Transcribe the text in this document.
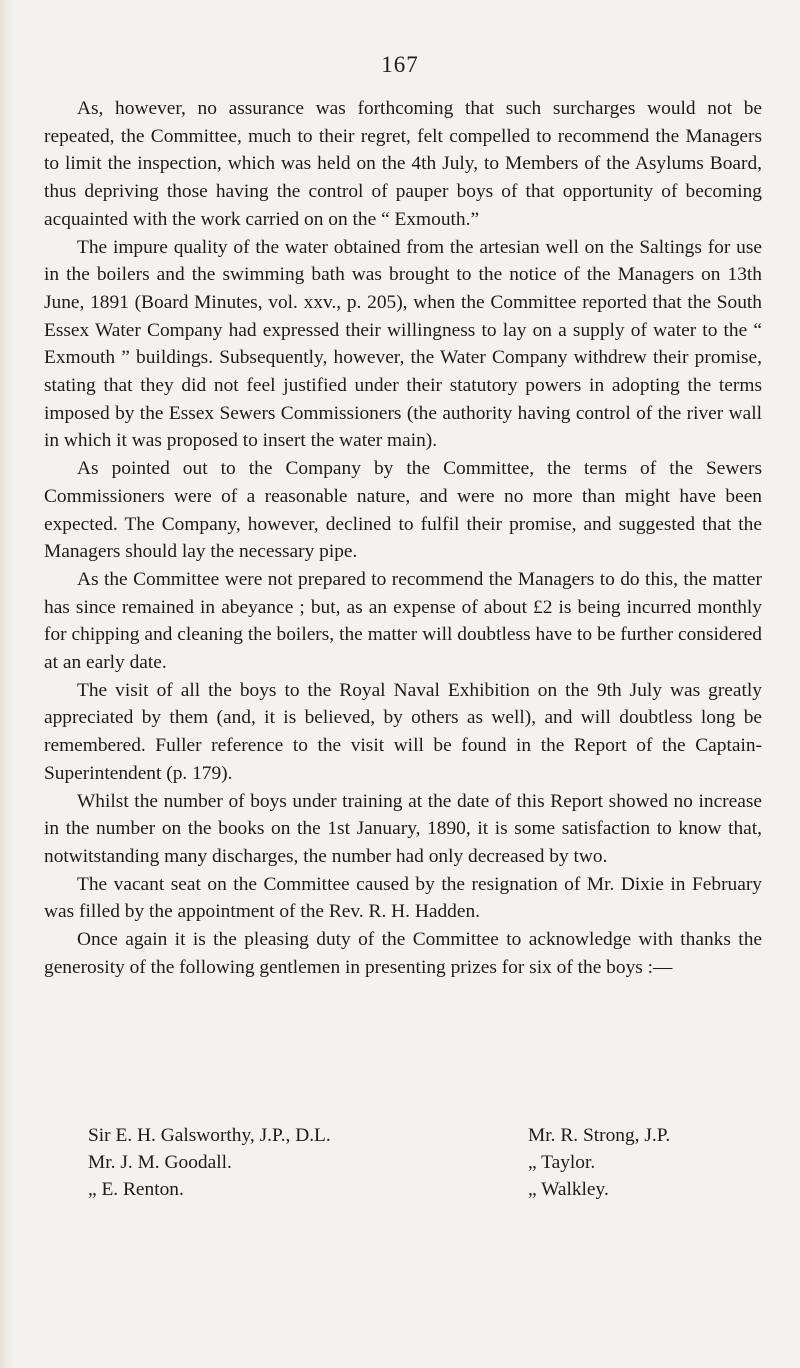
167

As, however, no assurance was forthcoming that such surcharges would not be repeated, the Committee, much to their regret, felt compelled to recommend the Managers to limit the inspection, which was held on the 4th July, to Members of the Asylums Board, thus depriving those having the control of pauper boys of that opportunity of becoming acquainted with the work carried on on the “ Exmouth.”

The impure quality of the water obtained from the artesian well on the Saltings for use in the boilers and the swimming bath was brought to the notice of the Managers on 13th June, 1891 (Board Minutes, vol. xxv., p. 205), when the Committee reported that the South Essex Water Company had expressed their willingness to lay on a supply of water to the “ Exmouth ” buildings. Subsequently, however, the Water Company withdrew their promise, stating that they did not feel justified under their statutory powers in adopting the terms imposed by the Essex Sewers Commissioners (the authority having control of the river wall in which it was proposed to insert the water main).

As pointed out to the Company by the Committee, the terms of the Sewers Commissioners were of a reasonable nature, and were no more than might have been expected. The Company, however, declined to fulfil their promise, and suggested that the Managers should lay the necessary pipe.

As the Committee were not prepared to recommend the Managers to do this, the matter has since remained in abeyance ; but, as an expense of about £2 is being incurred monthly for chipping and cleaning the boilers, the matter will doubtless have to be further considered at an early date.

The visit of all the boys to the Royal Naval Exhibition on the 9th July was greatly appreciated by them (and, it is believed, by others as well), and will doubtless long be remembered. Fuller reference to the visit will be found in the Report of the Captain-Superintendent (p. 179).

Whilst the number of boys under training at the date of this Report showed no increase in the number on the books on the 1st January, 1890, it is some satisfaction to know that, notwitstanding many discharges, the number had only decreased by two.

The vacant seat on the Committee caused by the resignation of Mr. Dixie in February was filled by the appointment of the Rev. R. H. Hadden.

Once again it is the pleasing duty of the Committee to acknowledge with thanks the generosity of the following gentlemen in presenting prizes for six of the boys :—

Sir E. H. Galsworthy, J.P., D.L.
Mr. J. M. Goodall.
„ E. Renton.
Mr. R. Strong, J.P.
„ Taylor.
„ Walkley.
